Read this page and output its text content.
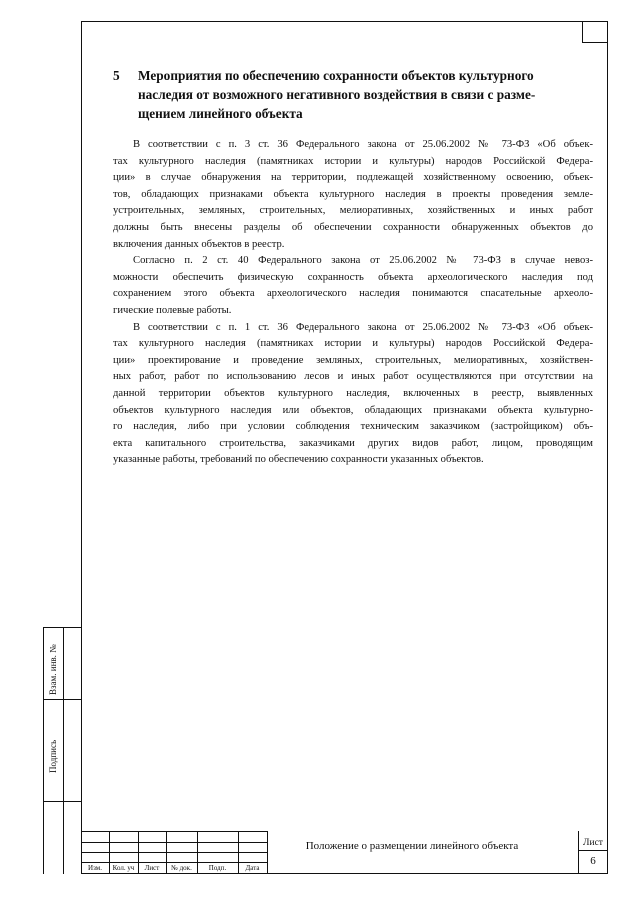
5 Мероприятия по обеспечению сохранности объектов культурного
наследия от возможного негативного воздействия в связи с разме-
щением линейного объекта
В соответствии с п. 3 ст. 36 Федерального закона от 25.06.2002 № 73-ФЗ «Об объек-
тах культурного наследия (памятниках истории и культуры) народов Российской Федера-
ции» в случае обнаружения на территории, подлежащей хозяйственному освоению, объек-
тов, обладающих признаками объекта культурного наследия в проекты проведения земле-
устроительных, земляных, строительных, мелиоративных, хозяйственных и иных работ
должны быть внесены разделы об обеспечении сохранности обнаруженных объектов до
включения данных объектов в реестр.
Согласно п. 2 ст. 40 Федерального закона от 25.06.2002 № 73-ФЗ в случае невоз-
можности обеспечить физическую сохранность объекта археологического наследия под
сохранением этого объекта археологического наследия понимаются спасательные археоло-
гические полевые работы.
В соответствии с п. 1 ст. 36 Федерального закона от 25.06.2002 № 73-ФЗ «Об объек-
тах культурного наследия (памятниках истории и культуры) народов Российской Федера-
ции» проектирование и проведение земляных, строительных, мелиоративных, хозяйствен-
ных работ, работ по использованию лесов и иных работ осуществляются при отсутствии на
данной территории объектов культурного наследия, включенных в реестр, выявленных
объектов культурного наследия или объектов, обладающих признаками объекта культурно-
го наследия, либо при условии соблюдения техническим заказчиком (застройщиком) объ-
екта капитального строительства, заказчиками других видов работ, лицом, проводящим
указанные работы, требований по обеспечению сохранности указанных объектов.
Взам. инв. №
Подпись
Изм.	Кол. уч	Лист	№ док.	Подп.	Дата
Положение о размещении линейного объекта	Лист
6
